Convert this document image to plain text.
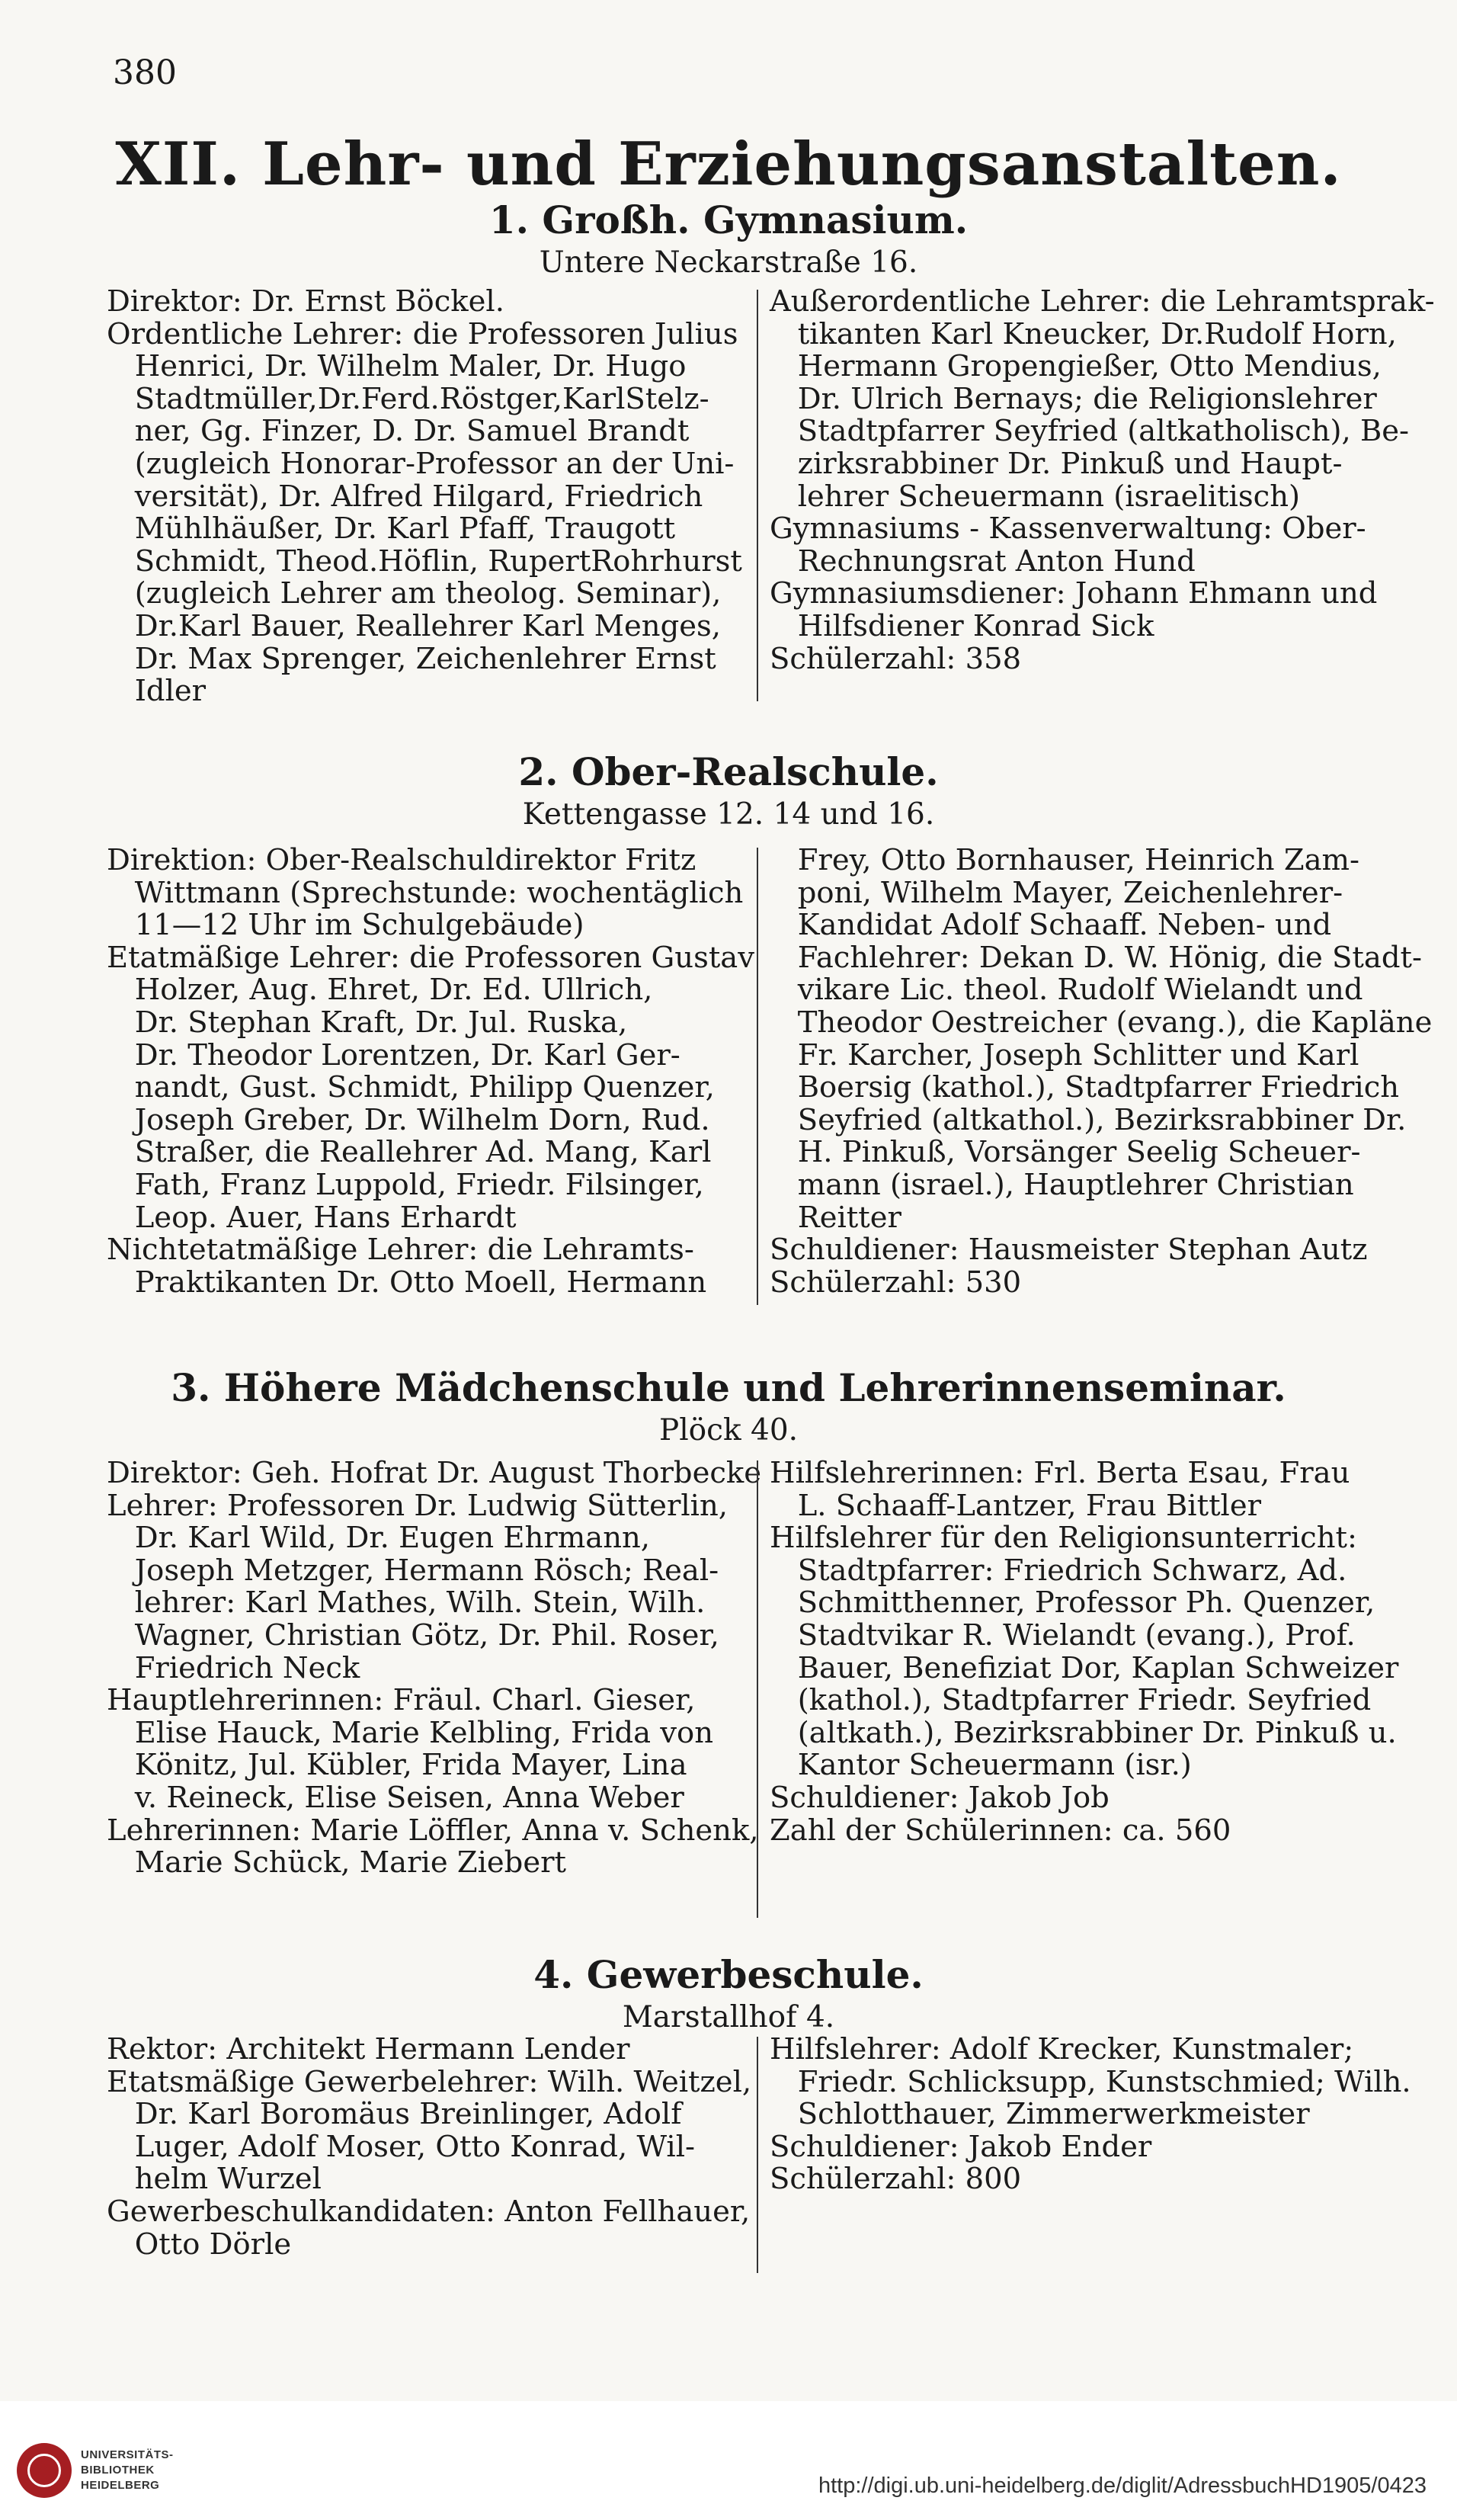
380
XII. Lehr- und Erziehungsanstalten.
1. Großh. Gymnasium.
Untere Neckarstraße 16.
Direktor: Dr. Ernst Böckel.
Ordentliche Lehrer: die Professoren Julius
Henrici, Dr. Wilhelm Maler, Dr. Hugo
Stadtmüller,Dr.Ferd.Röstger,KarlStelz-
ner, Gg. Finzer, D. Dr. Samuel Brandt
(zugleich Honorar-Professor an der Uni-
versität), Dr. Alfred Hilgard, Friedrich
Mühlhäußer, Dr. Karl Pfaff, Traugott
Schmidt, Theod.Höflin, RupertRohrhurst
(zugleich Lehrer am theolog. Seminar),
Dr.Karl Bauer, Reallehrer Karl Menges,
Dr. Max Sprenger, Zeichenlehrer Ernst
Idler
Außerordentliche Lehrer: die Lehramtsprak-
tikanten Karl Kneucker, Dr.Rudolf Horn,
Hermann Gropengießer, Otto Mendius,
Dr. Ulrich Bernays; die Religionslehrer
Stadtpfarrer Seyfried (altkatholisch), Be-
zirksrabbiner Dr. Pinkuß und Haupt-
lehrer Scheuermann (israelitisch)
Gymnasiums - Kassenverwaltung: Ober-
Rechnungsrat Anton Hund
Gymnasiumsdiener: Johann Ehmann und
Hilfsdiener Konrad Sick
Schülerzahl: 358
2. Ober-Realschule.
Kettengasse 12. 14 und 16.
Direktion: Ober-Realschuldirektor Fritz
Wittmann (Sprechstunde: wochentäglich
11—12 Uhr im Schulgebäude)
Etatmäßige Lehrer: die Professoren Gustav
Holzer, Aug. Ehret, Dr. Ed. Ullrich,
Dr. Stephan Kraft, Dr. Jul. Ruska,
Dr. Theodor Lorentzen, Dr. Karl Ger-
nandt, Gust. Schmidt, Philipp Quenzer,
Joseph Greber, Dr. Wilhelm Dorn, Rud.
Straßer, die Reallehrer Ad. Mang, Karl
Fath, Franz Luppold, Friedr. Filsinger,
Leop. Auer, Hans Erhardt
Nichtetatmäßige Lehrer: die Lehramts-
Praktikanten Dr. Otto Moell, Hermann
Frey, Otto Bornhauser, Heinrich Zam-
poni, Wilhelm Mayer, Zeichenlehrer-
Kandidat Adolf Schaaff. Neben- und
Fachlehrer: Dekan D. W. Hönig, die Stadt-
vikare Lic. theol. Rudolf Wielandt und
Theodor Oestreicher (evang.), die Kapläne
Fr. Karcher, Joseph Schlitter und Karl
Boersig (kathol.), Stadtpfarrer Friedrich
Seyfried (altkathol.), Bezirksrabbiner Dr.
H. Pinkuß, Vorsänger Seelig Scheuer-
mann (israel.), Hauptlehrer Christian
Reitter
Schuldiener: Hausmeister Stephan Autz
Schülerzahl: 530
3. Höhere Mädchenschule und Lehrerinnenseminar.
Plöck 40.
Direktor: Geh. Hofrat Dr. August Thorbecke
Lehrer: Professoren Dr. Ludwig Sütterlin,
Dr. Karl Wild, Dr. Eugen Ehrmann,
Joseph Metzger, Hermann Rösch; Real-
lehrer: Karl Mathes, Wilh. Stein, Wilh.
Wagner, Christian Götz, Dr. Phil. Roser,
Friedrich Neck
Hauptlehrerinnen: Fräul. Charl. Gieser,
Elise Hauck, Marie Kelbling, Frida von
Könitz, Jul. Kübler, Frida Mayer, Lina
v. Reineck, Elise Seisen, Anna Weber
Lehrerinnen: Marie Löffler, Anna v. Schenk,
Marie Schück, Marie Ziebert
Hilfslehrerinnen: Frl. Berta Esau, Frau
L. Schaaff-Lantzer, Frau Bittler
Hilfslehrer für den Religionsunterricht:
Stadtpfarrer: Friedrich Schwarz, Ad.
Schmitthenner, Professor Ph. Quenzer,
Stadtvikar R. Wielandt (evang.), Prof.
Bauer, Benefiziat Dor, Kaplan Schweizer
(kathol.), Stadtpfarrer Friedr. Seyfried
(altkath.), Bezirksrabbiner Dr. Pinkuß u.
Kantor Scheuermann (isr.)
Schuldiener: Jakob Job
Zahl der Schülerinnen: ca. 560
4. Gewerbeschule.
Marstallhof 4.
Rektor: Architekt Hermann Lender
Etatsmäßige Gewerbelehrer: Wilh. Weitzel,
Dr. Karl Boromäus Breinlinger, Adolf
Luger, Adolf Moser, Otto Konrad, Wil-
helm Wurzel
Gewerbeschulkandidaten: Anton Fellhauer,
Otto Dörle
Hilfslehrer: Adolf Krecker, Kunstmaler;
Friedr. Schlicksupp, Kunstschmied; Wilh.
Schlotthauer, Zimmerwerkmeister
Schuldiener: Jakob Ender
Schülerzahl: 800
UNIVERSITÄTS-
BIBLIOTHEK
HEIDELBERG	http://digi.ub.uni-heidelberg.de/diglit/AdressbuchHD1905/0423
